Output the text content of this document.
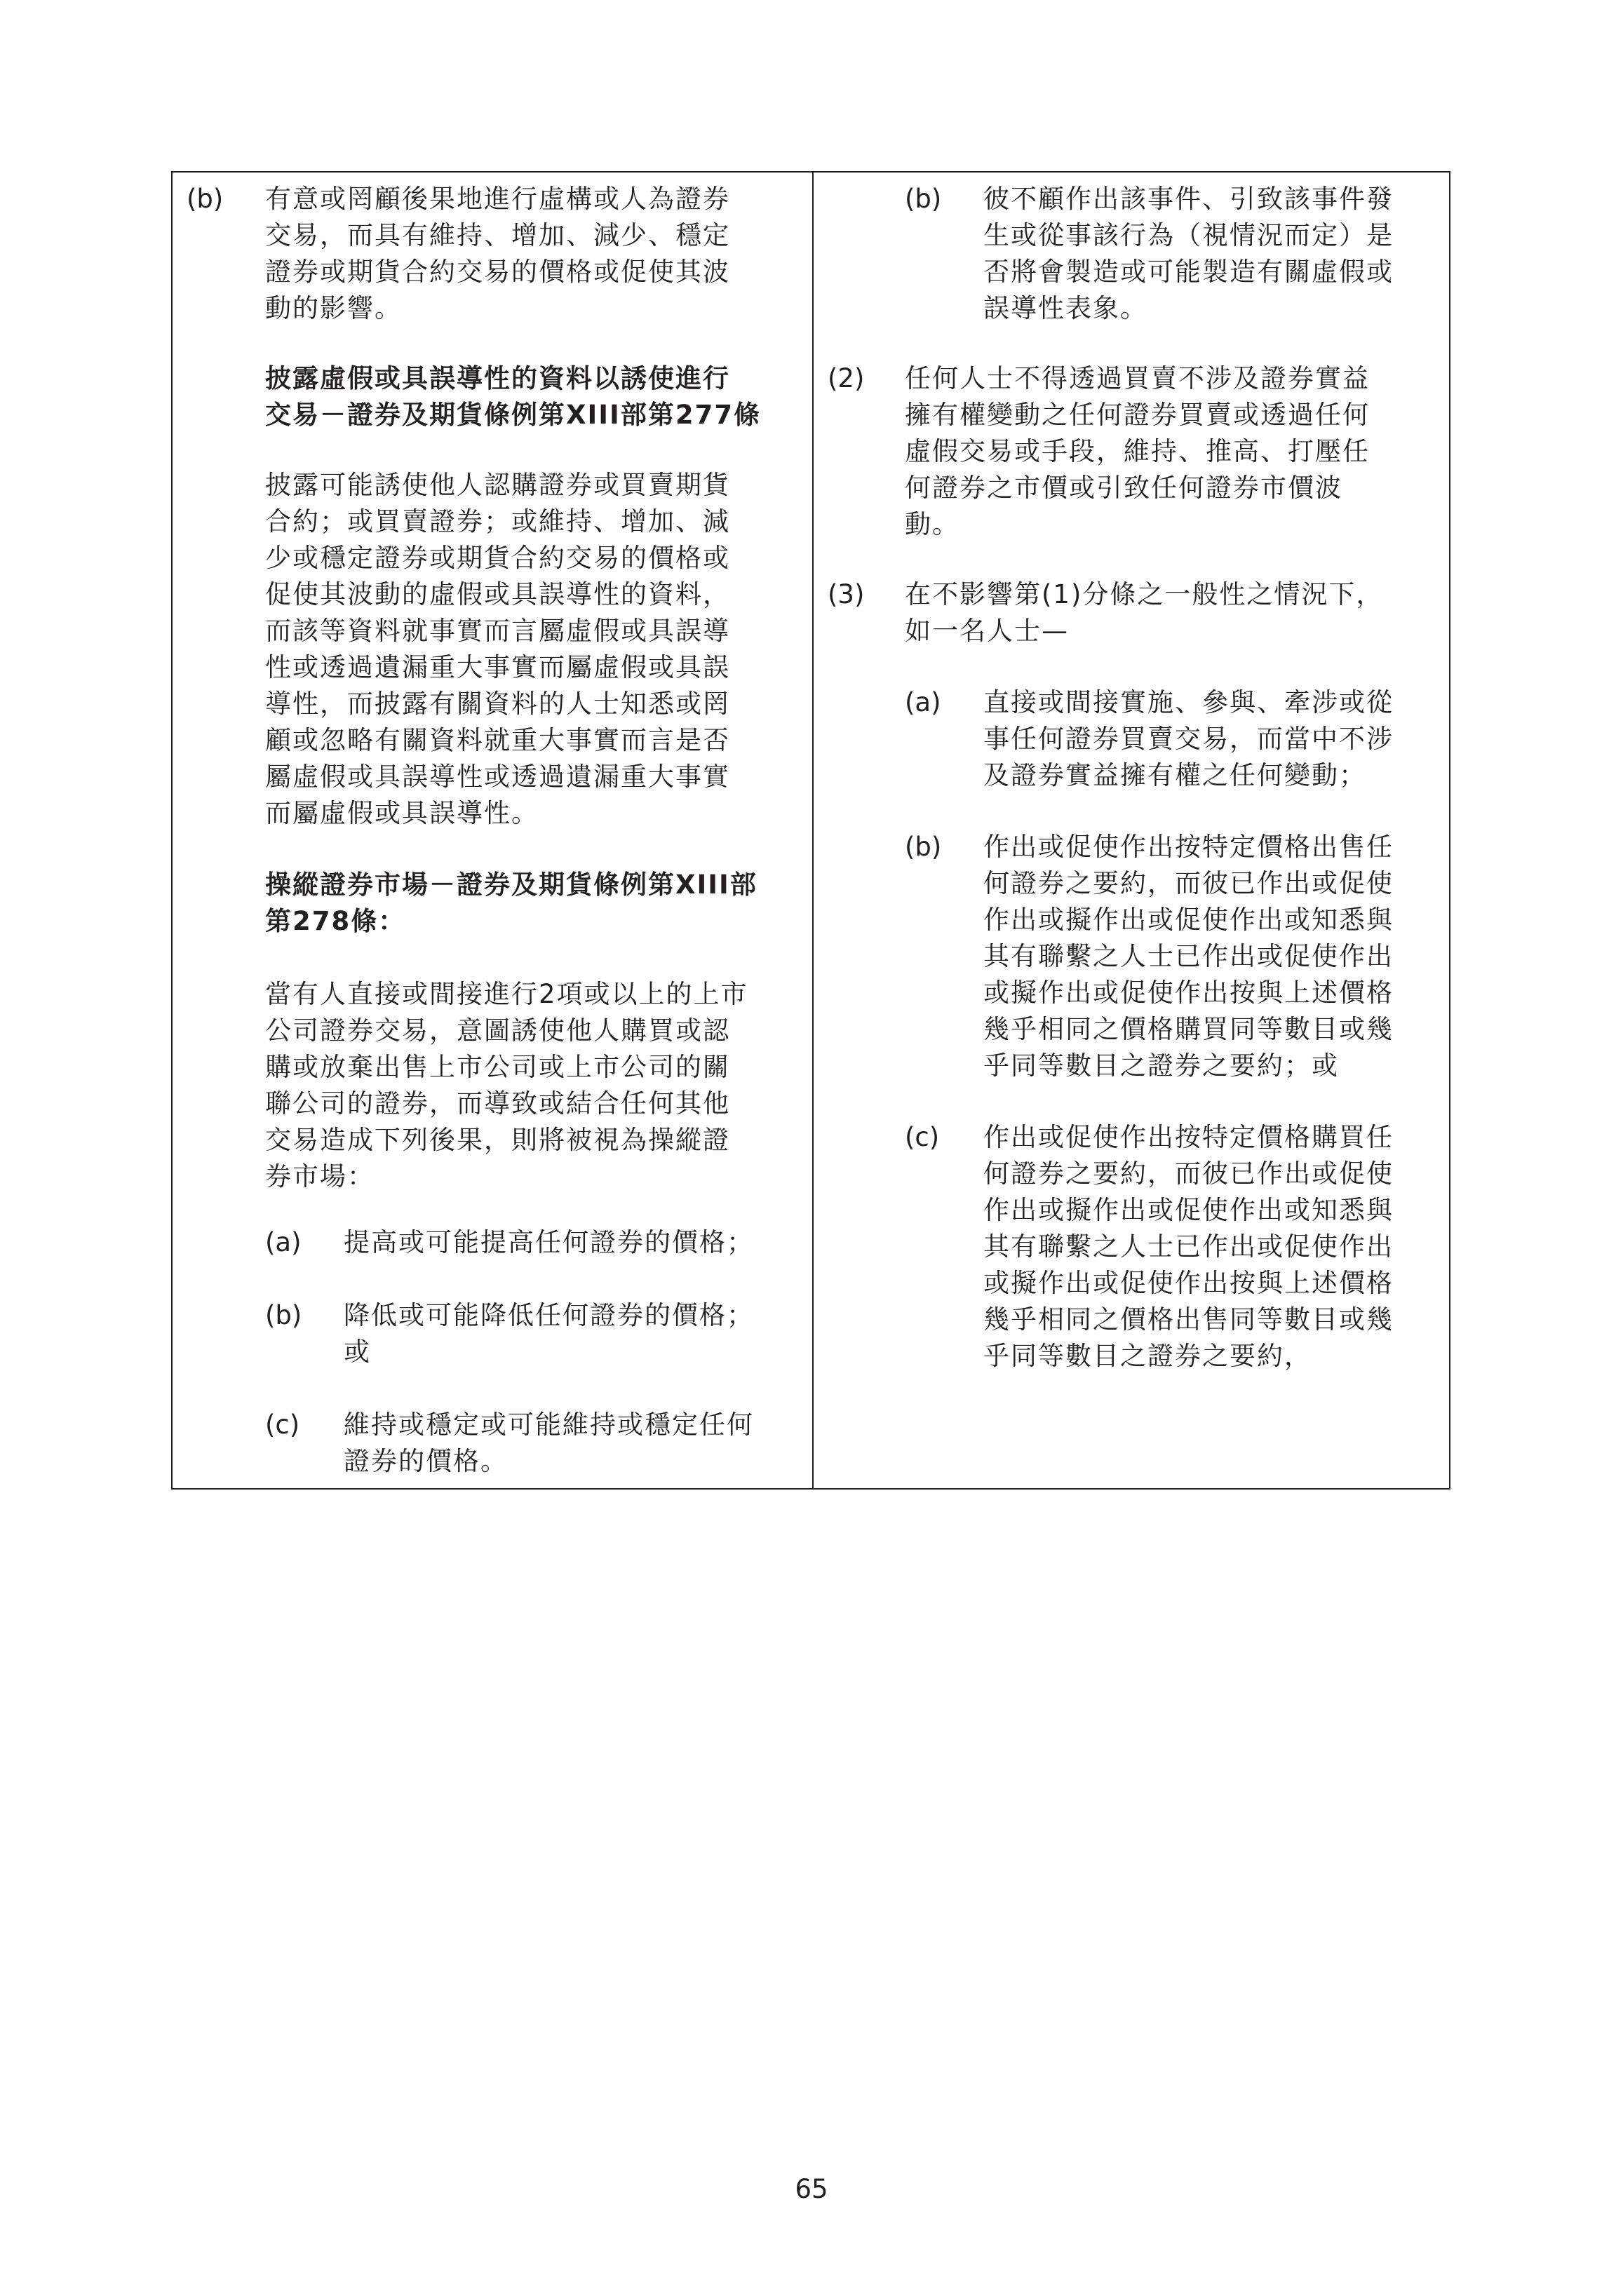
(b) 有意或罔顧後果地進行虛構或人為證券
交易，而具有維持、增加、減少、穩定
證券或期貨合約交易的價格或促使其波
動的影響。

披露虛假或具誤導性的資料以誘使進行
交易－證券及期貨條例第XIII部第277條

披露可能誘使他人認購證券或買賣期貨
合約；或買賣證券；或維持、增加、減
少或穩定證券或期貨合約交易的價格或
促使其波動的虛假或具誤導性的資料，
而該等資料就事實而言屬虛假或具誤導
性或透過遺漏重大事實而屬虛假或具誤
導性，而披露有關資料的人士知悉或罔
顧或忽略有關資料就重大事實而言是否
屬虛假或具誤導性或透過遺漏重大事實
而屬虛假或具誤導性。

操縱證券市場－證券及期貨條例第XIII部
第278條：

當有人直接或間接進行2項或以上的上市
公司證券交易，意圖誘使他人購買或認
購或放棄出售上市公司或上市公司的關
聯公司的證券，而導致或結合任何其他
交易造成下列後果，則將被視為操縱證
券市場：

(a) 提高或可能提高任何證券的價格；

(b) 降低或可能降低任何證券的價格；
或

(c) 維持或穩定或可能維持或穩定任何
證券的價格。

(b) 彼不顧作出該事件、引致該事件發
生或從事該行為（視情況而定）是
否將會製造或可能製造有關虛假或
誤導性表象。

(2) 任何人士不得透過買賣不涉及證券實益
擁有權變動之任何證券買賣或透過任何
虛假交易或手段，維持、推高、打壓任
何證券之市價或引致任何證券市價波
動。

(3) 在不影響第(1)分條之一般性之情況下，
如一名人士—

(a) 直接或間接實施、參與、牽涉或從
事任何證券買賣交易，而當中不涉
及證券實益擁有權之任何變動；

(b) 作出或促使作出按特定價格出售任
何證券之要約，而彼已作出或促使
作出或擬作出或促使作出或知悉與
其有聯繫之人士已作出或促使作出
或擬作出或促使作出按與上述價格
幾乎相同之價格購買同等數目或幾
乎同等數目之證券之要約；或

(c) 作出或促使作出按特定價格購買任
何證券之要約，而彼已作出或促使
作出或擬作出或促使作出或知悉與
其有聯繫之人士已作出或促使作出
或擬作出或促使作出按與上述價格
幾乎相同之價格出售同等數目或幾
乎同等數目之證券之要約，

65
